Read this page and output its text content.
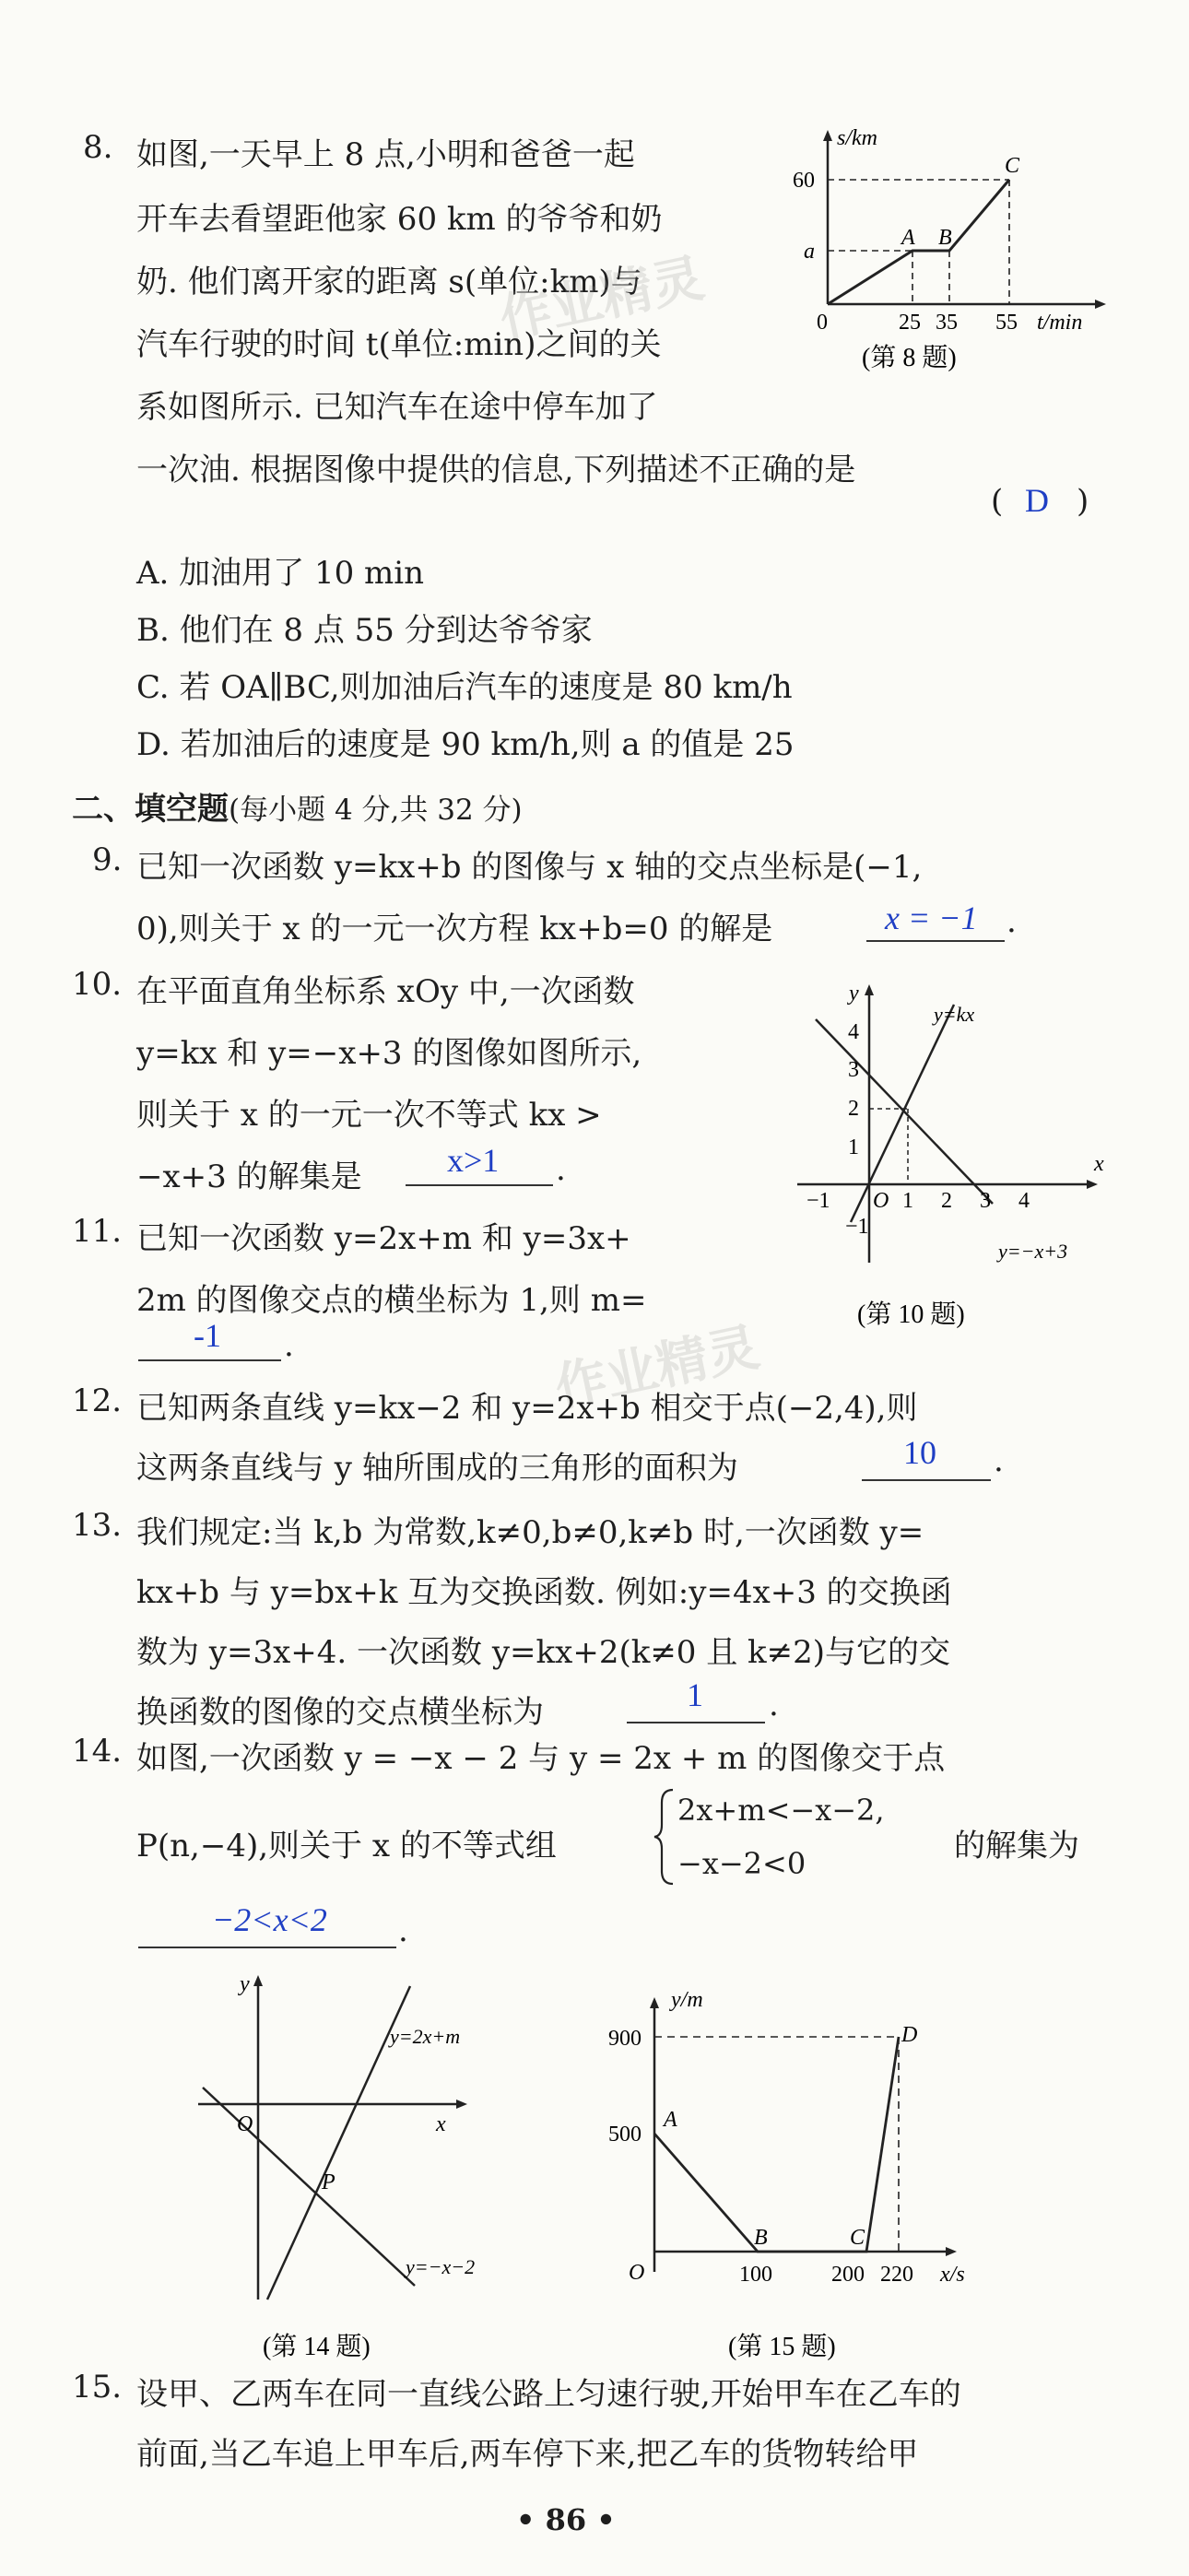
8. 如图,一天早上 8 点,小明和爸爸一起
开车去看望距他家 60 km 的爷爷和奶
奶. 他们离开家的距离 s(单位:km)与
汽车行驶的时间 t(单位:min)之间的关
系如图所示. 已知汽车在途中停车加了
一次油. 根据图像中提供的信息,下列描述不正确的是
( D )
A. 加油用了 10 min
B. 他们在 8 点 55 分到达爷爷家
C. 若 OA∥BC,则加油后汽车的速度是 80 km/h
D. 若加油后的速度是 90 km/h,则 a 的值是 25
s/km
60
a
0	25 35 55 t/min
A B
C
(第 8 题)
作业精灵
二、填空题(每小题 4 分,共 32 分)
9. 已知一次函数 y=kx+b 的图像与 x 轴的交点坐标是(−1,
0),则关于 x 的一元一次方程 kx+b=0 的解是	x = −1 .
10. 在平面直角坐标系 xOy 中,一次函数
y=kx 和 y=−x+3 的图像如图所示,
则关于 x 的一元一次不等式 kx >
−x+3 的解集是	x>1 .
y
x
y=kx
y=−x+3
4
3
2
1
−1
−1 O 1 2 3 4
(第 10 题)
11. 已知一次函数 y=2x+m 和 y=3x+
2m 的图像交点的横坐标为 1,则 m=
-1 .	作业精灵
12. 已知两条直线 y=kx−2 和 y=2x+b 相交于点(−2,4),则
这两条直线与 y 轴所围成的三角形的面积为	10 .
13. 我们规定:当 k,b 为常数,k≠0,b≠0,k≠b 时,一次函数 y=
kx+b 与 y=bx+k 互为交换函数. 例如:y=4x+3 的交换函
数为 y=3x+4. 一次函数 y=kx+2(k≠0 且 k≠2)与它的交
换函数的图像的交点横坐标为	1 .
14. 如图,一次函数 y = −x − 2 与 y = 2x + m 的图像交于点
P(n,−4),则关于 x 的不等式组
2x+m<−x−2,
−x−2<0	的解集为
−2<x<2 .
y
x
O
P
y=2x+m
y=−x−2
(第 14 题)
y/m
900
500
A
B	C
D
O	100	200 220 x/s
(第 15 题)
15. 设甲、乙两车在同一直线公路上匀速行驶,开始甲车在乙车的
前面,当乙车追上甲车后,两车停下来,把乙车的货物转给甲
• 86 •
